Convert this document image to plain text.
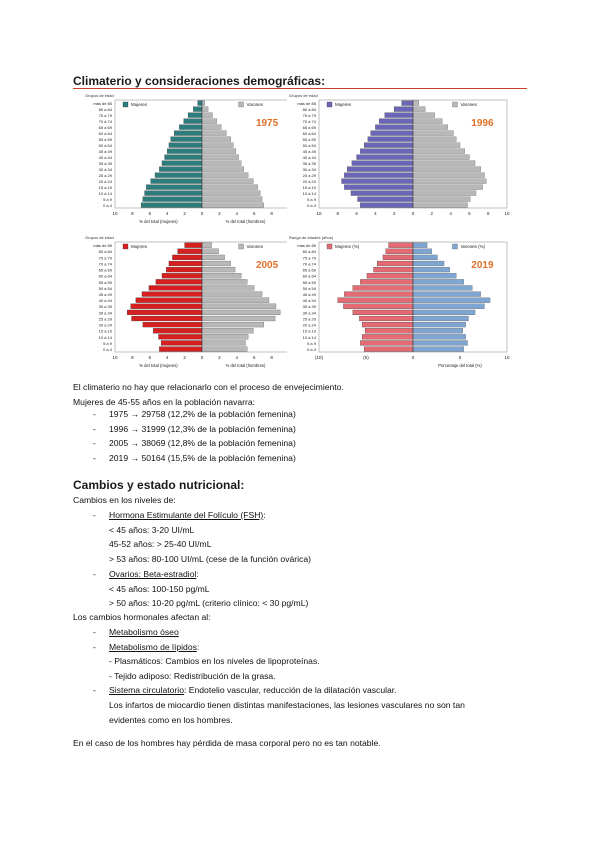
Climaterio y consideraciones demográficas:
Grupos de edad
más de 85
80 a 84
75 a 79
70 a 74
65 a 69
60 a 64
55 a 59
50 a 54
45 a 49
40 a 44
35 a 39
30 a 34
25 a 29
20 a 24
15 a 19
10 a 14
5 a 9
0 a 4
10	8	6	4	2	0	2	4	6	8
% del total (mujeres)	% del total (hombres)
Mujeres	Varones
1975
Grupos de edad
más de 85
80 a 84
75 a 79
70 a 74
65 a 69
60 a 64
55 a 59
50 a 54
45 a 49
40 a 44
35 a 39
30 a 34
25 a 29
20 a 24
15 a 19
10 a 14
5 a 9
0 a 4
10	8	6	4	2	0	2	4	6	8	10
Mujeres	Varones
1996
Grupos de edad
más de 85
80 a 84
75 a 79
70 a 74
65 a 69
60 a 64
55 a 59
50 a 54
45 a 49
40 a 44
35 a 39
30 a 34
25 a 29
20 a 24
15 a 19
10 a 14
5 a 9
0 a 4
10	8	6	4	2	0	2	4	6	8
% del total (mujeres)	% del total (hombres)
Mujeres	Varones
2005
Rango de edades (años)
más de 85
80 a 84
75 a 79
70 a 74
65 a 69
60 a 64
55 a 59
50 a 54
45 a 49
40 a 44
35 a 39
30 a 34
25 a 29
20 a 24
15 a 19
10 a 14
5 a 9
0 a 4
(10)	(5)	0	5	10
Porcentaje del total (%)
Mujeres (%)	Varones (%)
2019
El climaterio no hay que relacionarlo con el proceso de envejecimiento.
Mujeres de 45-55 años en la población navarra:
- 1975 → 29758 (12,2% de la población femenina)
- 1996 → 31999 (12,3% de la población femenina)
- 2005 → 38069 (12,8% de la población femenina)
- 2019 → 50164 (15,5% de la población femenina)
Cambios y estado nutricional:
Cambios en los niveles de:
- Hormona Estimulante del Folículo (FSH):
< 45 años: 3-20 UI/mL
45-52 años: > 25-40 UI/mL
> 53 años: 80-100 UI/mL (cese de la función ovárica)
- Ovarios: Beta-estradiol:
< 45 años: 100-150 pg/mL
> 50 años: 10-20 pg/mL (criterio clínico: < 30 pg/mL)
Los cambios hormonales afectan al:
- Metabolismo óseo
- Metabolismo de lípidos:
- Plasmáticos: Cambios en los niveles de lipoproteínas.
- Tejido adiposo: Redistribución de la grasa.
- Sistema circulatorio: Endotelio vascular, reducción de la dilatación vascular.
Los infartos de miocardio tienen distintas manifestaciones, las lesiones vasculares no son tan
evidentes como en los hombres.
En el caso de los hombres hay pérdida de masa corporal pero no es tan notable.
